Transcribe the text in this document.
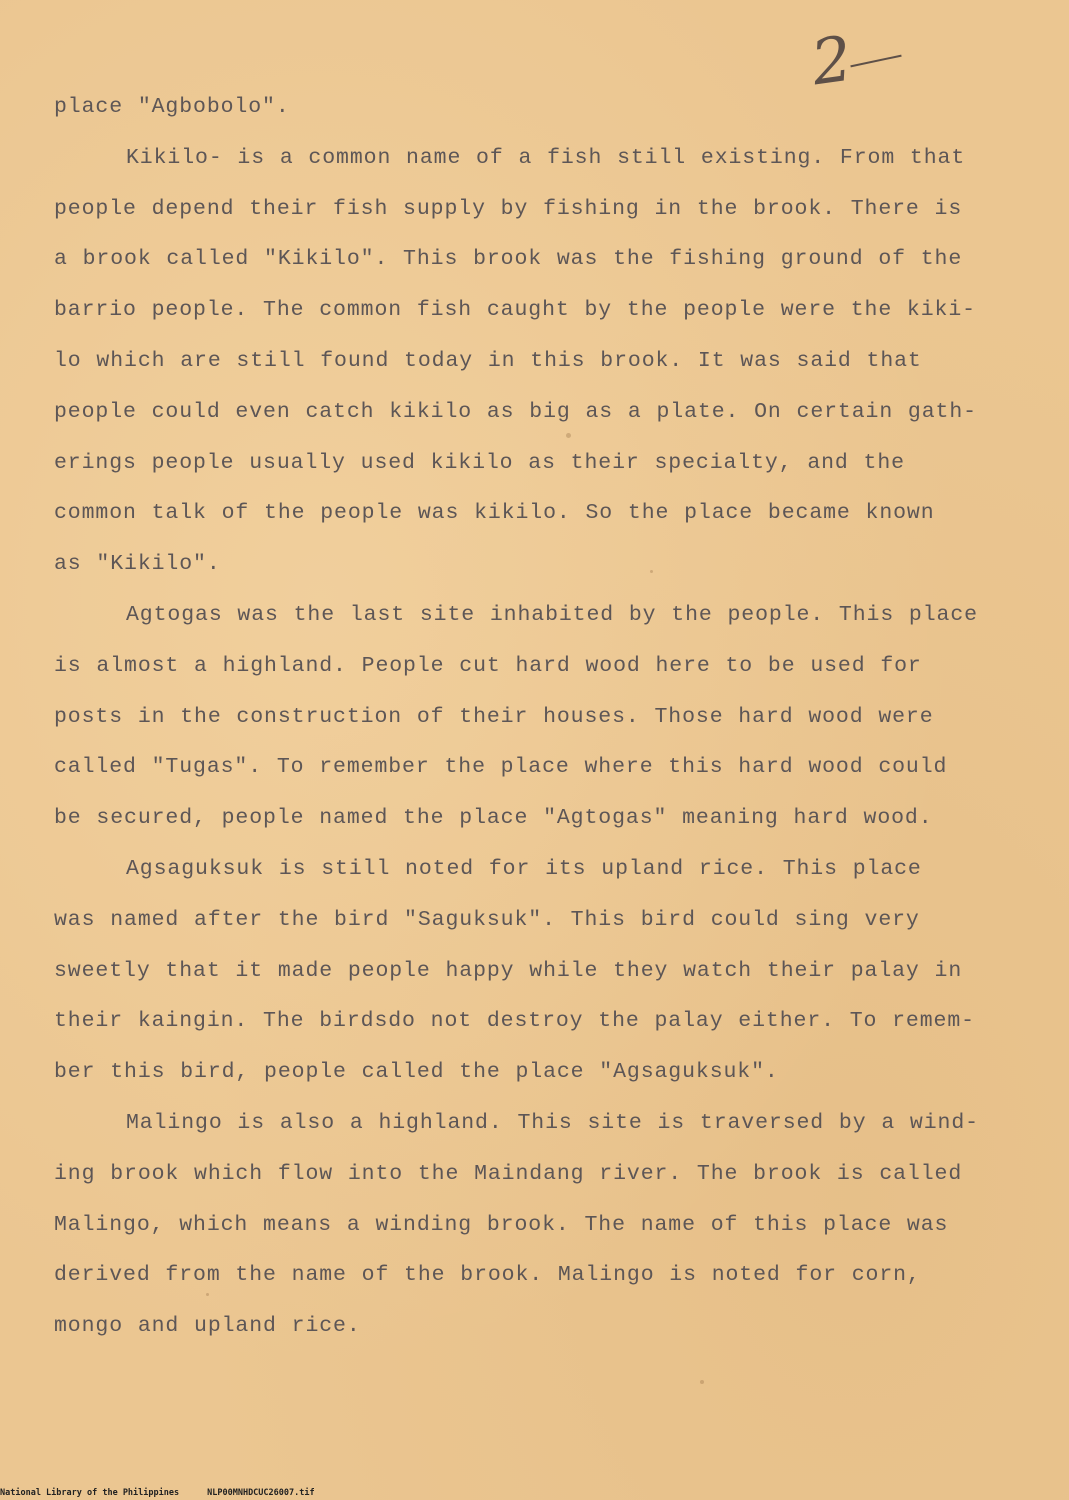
2
place "Agbobolo".
Kikilo- is a common name of a fish still existing. From that
people depend their fish supply by fishing in the brook. There is
a brook called "Kikilo". This brook was the fishing ground of the
barrio people. The common fish caught by the people were the kiki-
lo which are still found today in this brook. It was said that
people could even catch kikilo as big as a plate. On certain gath-
erings people usually used kikilo as their specialty, and the
common talk of the people was kikilo. So the place became known
as "Kikilo".
Agtogas was the last site inhabited by the people. This place
is almost a highland. People cut hard wood here to be used for
posts in the construction of their houses. Those hard wood were
called "Tugas". To remember the place where this hard wood could
be secured, people named the place "Agtogas" meaning hard wood.
Agsaguksuk is still noted for its upland rice. This place
was named after the bird "Saguksuk". This bird could sing very
sweetly that it made people happy while they watch their palay in
their kaingin. The birdsdo not destroy the palay either. To remem-
ber this bird, people called the place "Agsaguksuk".
Malingo is also a highland. This site is traversed by a wind-
ing brook which flow into the Maindang river. The brook is called
Malingo, which means a winding brook. The name of this place was
derived from the name of the brook. Malingo is noted for corn,
mongo and upland rice.
National Library of the Philippines	NLP00MNHDCUC26007.tif
